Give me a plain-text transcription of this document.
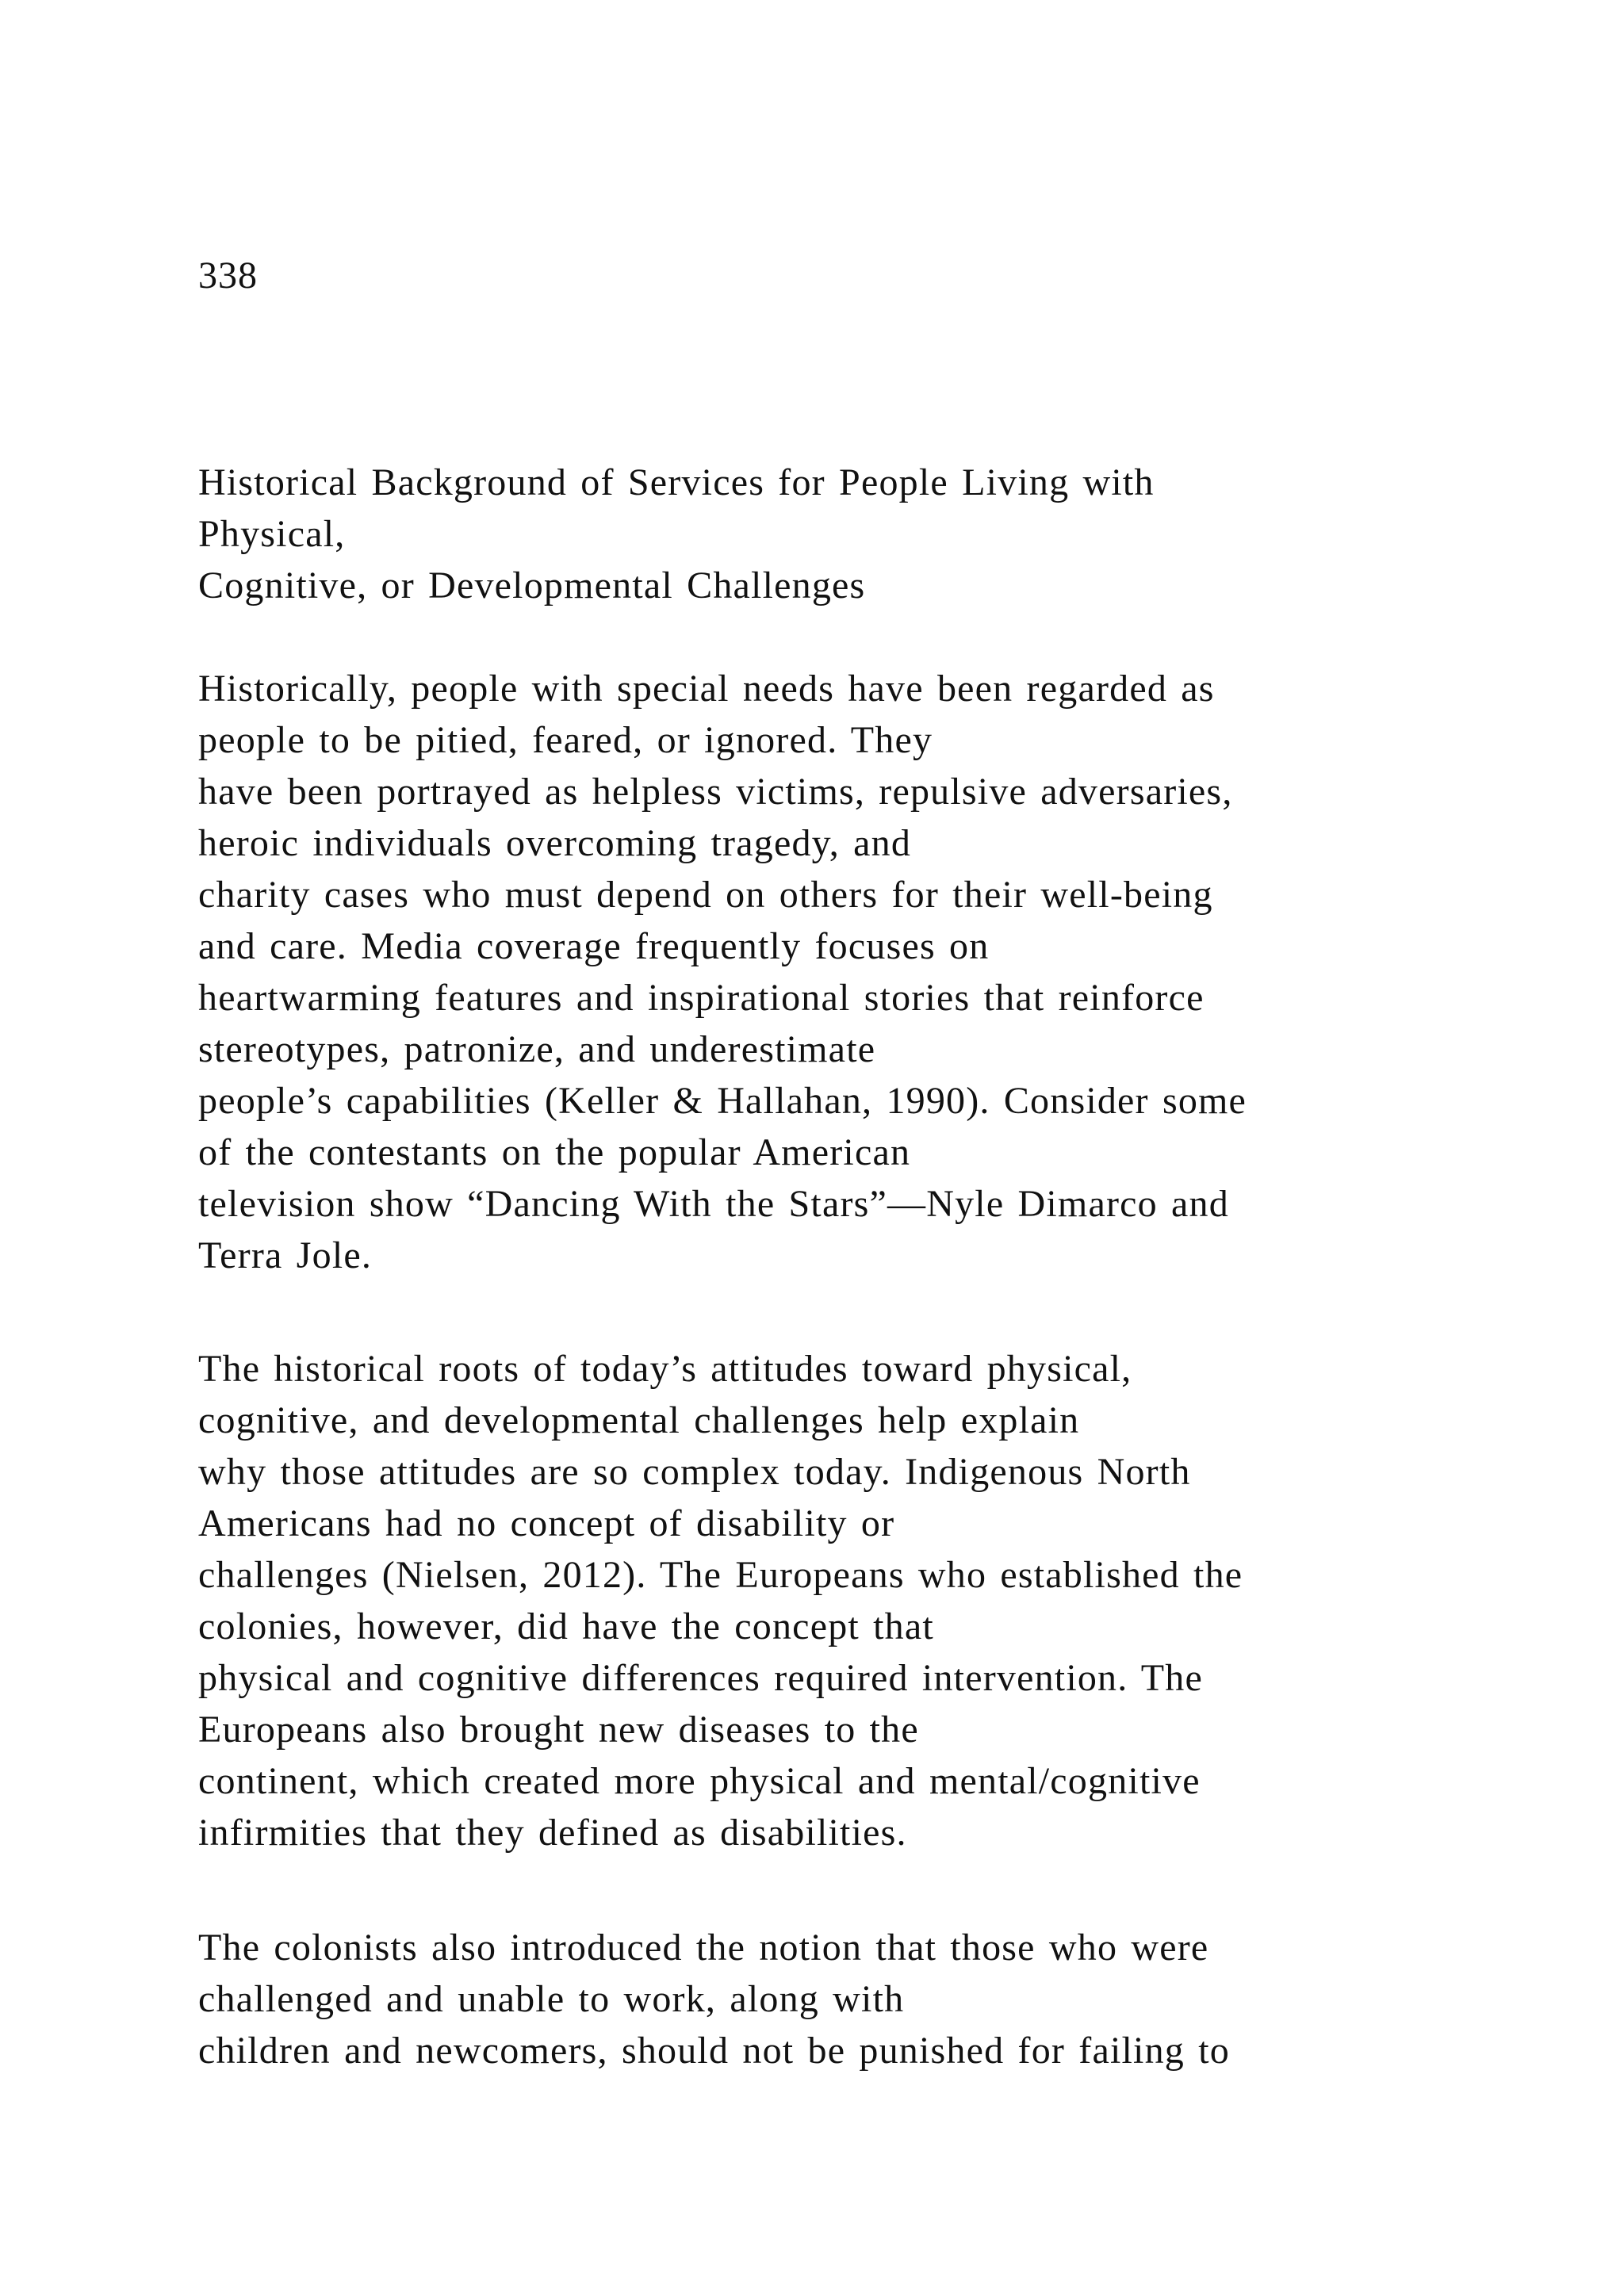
338
Historical Background of Services for People Living with
Physical,
Cognitive, or Developmental Challenges
Historically, people with special needs have been regarded as
people to be pitied, feared, or ignored. They
have been portrayed as helpless victims, repulsive adversaries,
heroic individuals overcoming tragedy, and
charity cases who must depend on others for their well-being
and care. Media coverage frequently focuses on
heartwarming features and inspirational stories that reinforce
stereotypes, patronize, and underestimate
people’s capabilities (Keller & Hallahan, 1990). Consider some
of the contestants on the popular American
television show “Dancing With the Stars”—Nyle Dimarco and
Terra Jole.
The historical roots of today’s attitudes toward physical,
cognitive, and developmental challenges help explain
why those attitudes are so complex today. Indigenous North
Americans had no concept of disability or
challenges (Nielsen, 2012). The Europeans who established the
colonies, however, did have the concept that
physical and cognitive differences required intervention. The
Europeans also brought new diseases to the
continent, which created more physical and mental/cognitive
infirmities that they defined as disabilities.
The colonists also introduced the notion that those who were
challenged and unable to work, along with
children and newcomers, should not be punished for failing to
